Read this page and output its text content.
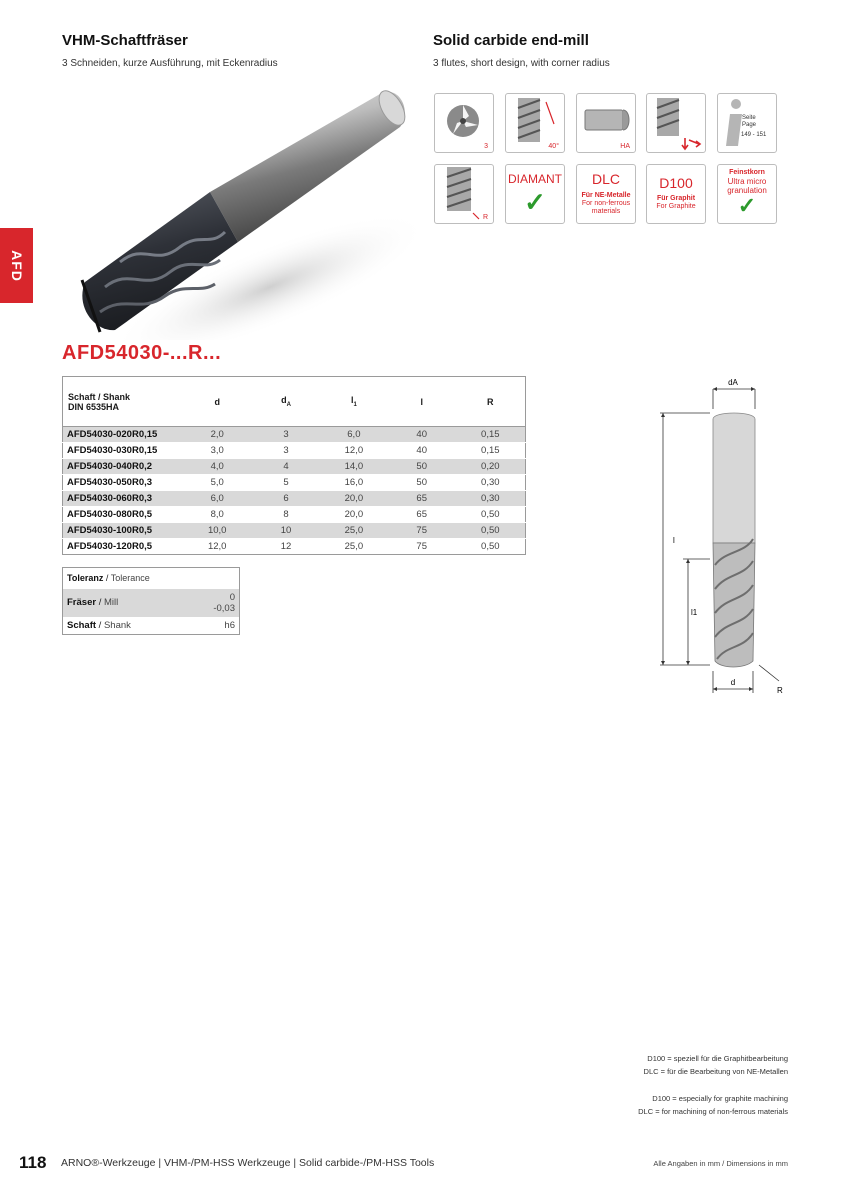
VHM-Schaftfräser
3 Schneiden, kurze Ausführung, mit Eckenradius
Solid carbide end-mill
3 flutes, short design, with corner radius
AFD
AFD54030-...R...
3	40°	HA
Seite
Page
149 - 151
R
DIAMANT
✓
DLC
Für NE-Metalle
For non-ferrous
materials
D100
Für Graphit
For Graphite
Feinstkorn
Ultra micro
granulation
✓
Schaft / Shank
DIN 6535HA	d	$d_A$	$l_1$	l	R
AFD54030-020R0,15	2,0	3	6,0	40	0,15
AFD54030-030R0,15	3,0	3	12,0	40	0,15
AFD54030-040R0,2	4,0	4	14,0	50	0,20
AFD54030-050R0,3	5,0	5	16,0	50	0,30
AFD54030-060R0,3	6,0	6	20,0	65	0,30
AFD54030-080R0,5	8,0	8	20,0	65	0,50
AFD54030-100R0,5	10,0	10	25,0	75	0,50
AFD54030-120R0,5	12,0	12	25,0	75	0,50
Toleranz / Tolerance	
Fräser / Mill	0
-0,03

Schaft / Shank	h6
dA
l
l1
d
R
D100 = speziell für die Graphitbearbeitung
DLC = für die Bearbeitung von NE-Metallen
D100 = especially for graphite machining
DLC = for machining of non-ferrous materials
118 ARNO®-Werkzeuge | VHM-/PM-HSS Werkzeuge | Solid carbide-/PM-HSS Tools	Alle Angaben in mm / Dimensions in mm
